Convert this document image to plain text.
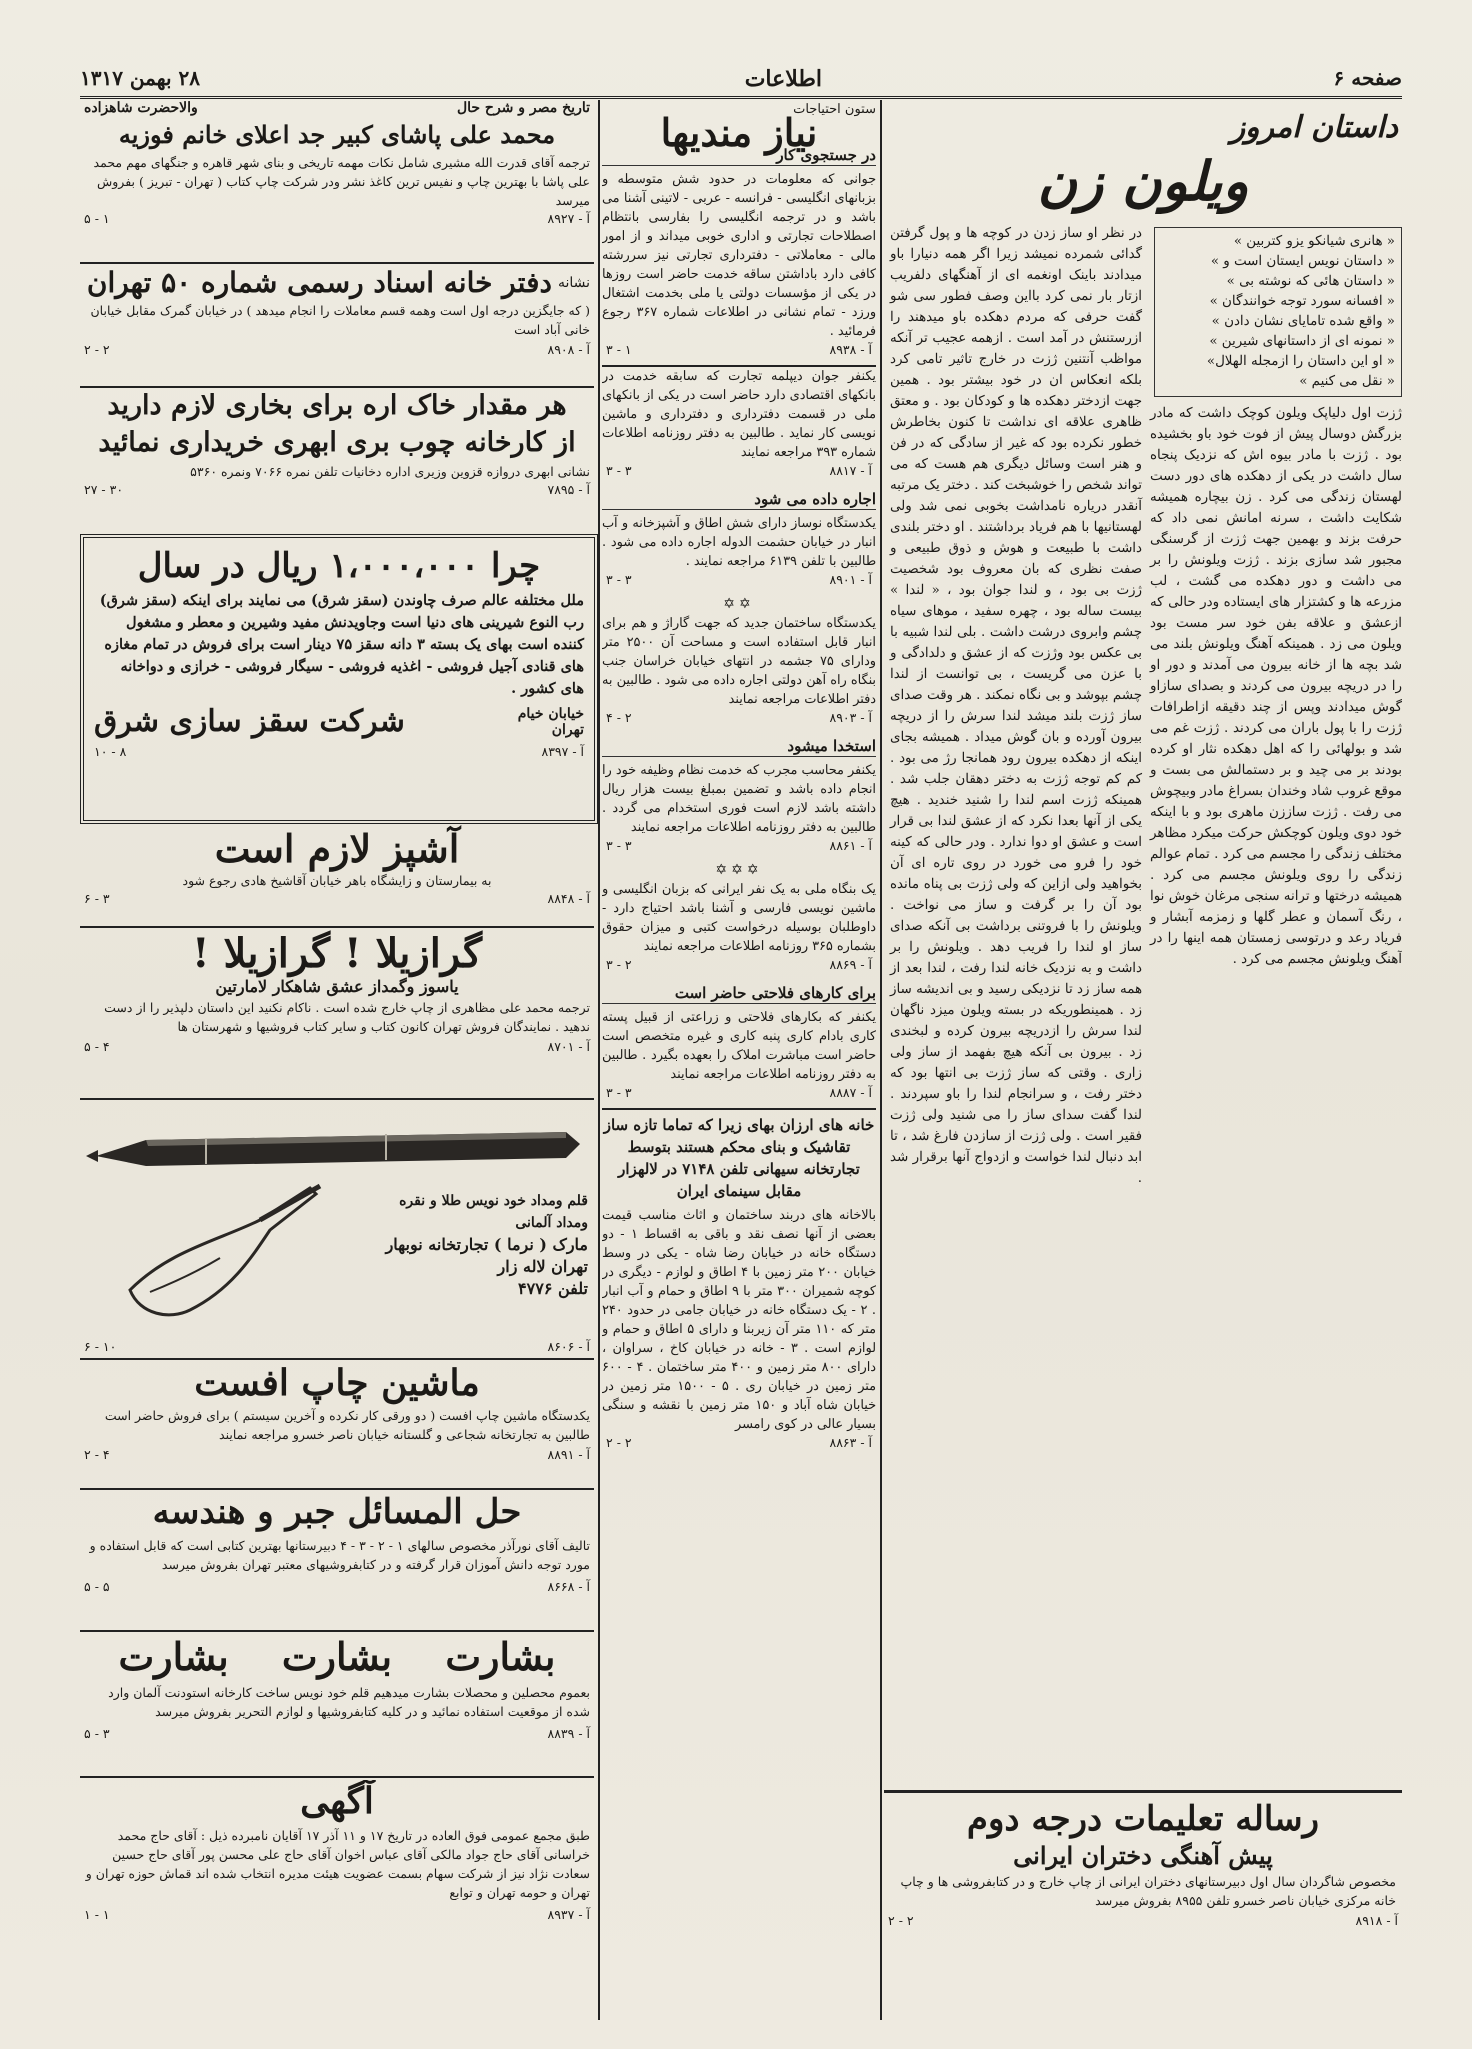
صفحه ۶
اطلاعات
۲۸ بهمن ۱۳۱۷
داستان امروز
ویلون زن
« هانری شیانکو یزو کتربین »
« داستان نویس ایستان است و »
« داستان هائی که نوشته بی »
« افسانه سورد توجه خوانندگان »
« واقع شده تامایای نشان دادن »
« نمونه ای از داستانهای شیرین »
« او این داستان را ازمجله الهلال»
« نقل می کنیم »
ژزت اول دلیاپک ویلون کوچک داشت که مادر بزرگش دوسال پیش از فوت خود باو بخشیده بود . ژزت با مادر بیوه اش که نزدیک پنجاه سال داشت در یکی از دهکده های دور دست لهستان زندگی می کرد . زن بیچاره همیشه شکایت داشت ، سرنه امانش نمی داد که حرفت بزند و بهمین جهت ژزت از گرسنگی مجبور شد سازی بزند . ژزت ویلونش را بر می داشت و دور دهکده می گشت ، لب مزرعه ها و کشتزار های ایستاده ودر حالی که ازعشق و علاقه بفن خود سر مست بود ویلون می زد . همینکه آهنگ ویلونش بلند می شد بچه ها از خانه بیرون می آمدند و دور او را در دریچه بیرون می کردند و بصدای سازاو گوش میدادند وپس از چند دقیقه ازاطرافات ژزت را با پول باران می کردند . ژزت غم می شد و بولهائی را که اهل دهکده نثار او کرده بودند بر می چید و بر دستمالش می بست و موقع غروب شاد وخندان بسراغ مادر وبیچوش می رفت . ژزت ساززن ماهری بود و با اینکه خود دوی ویلون کوچکش حرکت میکرد مظاهر مختلف زندگی را مجسم می کرد . تمام عوالم زندگی را روی ویلونش مجسم می کرد . همیشه درختها و ترانه سنجی مرغان خوش نوا ، رنگ آسمان و عطر گلها و زمزمه آبشار و فریاد رعد و درتوسی زمستان همه اینها را در آهنگ ویلونش مجسم می کرد .
در نظر او ساز زدن در کوچه ها و پول گرفتن گدائی شمرده نمیشد زیرا اگر همه دنیارا باو میدادند باینک اونغمه ای از آهنگهای دلفریب ازتار بار نمی کرد بااین وصف فطور سی شو گفت حرفی که مردم دهکده باو میدهند را ازرستنش در آمد است . ازهمه عجیب تر آنکه مواظب آنتنین ژزت در خارج تاثیر تامی کرد بلکه انعکاس ان در خود بیشتر بود . همین جهت ازدختر دهکده ها و کودکان بود . و معتق ظاهری علاقه ای نداشت تا کنون بخاطرش خطور نکرده بود که غیر از سادگی که در فن و هنر است وسائل دیگری هم هست که می تواند شخص را خوشبخت کند . دختر یک مرتبه آنقدر دریاره نامداشت بخوبی نمی شد ولی لهستانیها با هم فریاد برداشتند . او دختر بلندی داشت با طبیعت و هوش و ذوق طبیعی و صفت نظری که بان معروف بود شخصیت ژزت بی بود ، و لندا جوان بود ، « لندا » بیست ساله بود ، چهره سفید ، موهای سیاه چشم وابروی درشت داشت . بلی لندا شبیه با بی عکس بود وژزت که از عشق و دلدادگی و با عزن می گریست ، بی توانست از لندا چشم بپوشد و بی نگاه نمکند . هر وقت صدای ساز ژزت بلند میشد لندا سرش را از دریچه بیرون آورده و بان گوش میداد . همیشه بجای اینکه از دهکده بیرون رود همانجا رژ می بود . کم کم توجه ژزت به دختر دهقان جلب شد . همینکه ژزت اسم لندا را شنید خندید . هیچ یکی از آنها بعدا نکرد که از عشق لندا بی قرار است و عشق او دوا ندارد . ودر حالی که کینه خود را فرو می خورد در روی تاره ای آن بخواهید ولی ازاین که ولی ژزت بی پناه مانده بود آن را بر گرفت و ساز می نواخت . ویلونش را با فروتنی برداشت بی آنکه صدای ساز او لندا را فریب دهد . ویلونش را بر داشت و به نزدیک خانه لندا رفت ، لندا بعد از همه ساز زد تا نزدیکی رسید و بی اندیشه ساز زد . همینطوریکه در بسته ویلون میزد ناگهان لندا سرش را ازدریچه بیرون کرده و لبخندی زد . بیرون بی آنکه هیچ بفهمد از ساز ولی زاری . وقتی که ساز ژزت بی انتها بود که دختر رفت ، و سرانجام لندا را باو سپردند . لندا گفت سدای ساز را می شنید ولی ژزت فقیر است . ولی ژزت از سازدن فارغ شد ، تا ابد دنبال لندا خواست و ازدواج آنها برقرار شد .
رساله تعلیمات درجه دوم
پیش آهنگی دختران ایرانی
مخصوص شاگردان سال اول دبیرستانهای دختران ایرانی از چاپ خارج و در کتابفروشی ها و چاپ خانه مرکزی خیابان ناصر خسرو تلفن ۸۹۵۵ بفروش میرسد
آ - ۸۹۱۸
۲ - ۲
ستون احتیاجات
نیاز مندیها
در جستجوی کار
جوانی که معلومات در حدود شش متوسطه و بزبانهای انگلیسی - فرانسه - عربی - لاتینی آشنا می باشد و در ترجمه انگلیسی را بفارسی بانتظام اصطلاحات تجارتی و اداری خوبی میداند و از امور مالی - معاملاتی - دفترداری تجارتی نیز سررشته کافی دارد باداشتن ساقه خدمت حاضر است روزها در یکی از مؤسسات دولتی یا ملی بخدمت اشتغال ورزد - تمام نشانی در اطلاعات شماره ۳۶۷ رجوع فرمائید .
آ - ۸۹۳۸
۱ - ۳
یکنفر جوان دیپلمه تجارت که سابقه خدمت در بانکهای اقتصادی دارد حاضر است در یکی از بانکهای ملی در قسمت دفترداری و دفترداری و ماشین نویسی کار نماید . طالبین به دفتر روزنامه اطلاعات شماره ۳۹۳ مراجعه نمایند
آ - ۸۸۱۷
۳ - ۳
اجاره داده می شود
یکدستگاه نوساز دارای شش اطاق و آشپزخانه و آب انبار در خیابان حشمت الدوله اجاره داده می شود . طالبین با تلفن ۶۱۳۹ مراجعه نمایند .
آ - ۸۹۰۱
۳ - ۳
✡✡
یکدستگاه ساختمان جدید که جهت گاراژ و هم برای انبار قابل استفاده است و مساحت آن ۲۵۰۰ متر ودارای ۷۵ جشمه در انتهای خیابان خراسان جنب بنگاه راه آهن دولتی اجاره داده می شود . طالبین به دفتر اطلاعات مراجعه نمایند
آ - ۸۹۰۳
۲ - ۴
استخدا میشود
یکنفر محاسب مجرب که خدمت نظام وظیفه خود را انجام داده باشد و تضمین بمبلغ بیست هزار ریال داشته باشد لازم است فوری استخدام می گردد . طالبین به دفتر روزنامه اطلاعات مراجعه نمایند
آ - ۸۸۶۱
۳ - ۳
✡✡✡
یک بنگاه ملی به یک نفر ایرانی که بزبان انگلیسی و ماشین نویسی فارسی و آشنا باشد احتیاج دارد - داوطلبان بوسیله درخواست کتبی و میزان حقوق بشماره ۳۶۵ روزنامه اطلاعات مراجعه نمایند
آ - ۸۸۶۹
۲ - ۳
برای کارهای فلاحتی حاضر است
یکنفر که بکارهای فلاحتی و زراعتی از قبیل پسته کاری بادام کاری پنبه کاری و غیره متخصص است حاضر است مباشرت املاک را بعهده بگیرد . طالبین به دفتر روزنامه اطلاعات مراجعه نمایند
آ - ۸۸۸۷
۳ - ۳
خانه های ارزان بهای زیرا که تماما تازه ساز تقاشیک و بنای محکم هستند بتوسط تجارتخانه سیهانی تلفن ۷۱۴۸ در لالهزار مقابل سینمای ایران
بالاخانه های دربند ساختمان و اثاث مناسب قیمت بعضی از آنها نصف نقد و باقی به اقساط ۱ - دو دستگاه خانه در خیابان رضا شاه - یکی در وسط خیابان ۲۰۰ متر زمین با ۴ اطاق و لوازم - دیگری در کوچه شمیران ۳۰۰ متر با ۹ اطاق و حمام و آب انبار . ۲ - یک دستگاه خانه در خیابان جامی در حدود ۲۴۰ متر که ۱۱۰ متر آن زیربنا و دارای ۵ اطاق و حمام و لوازم است . ۳ - خانه در خیابان کاخ ، سراوان ، دارای ۸۰۰ متر زمین و ۴۰۰ متر ساختمان . ۴ - ۶۰۰ متر زمین در خیابان ری . ۵ - ۱۵۰۰ متر زمین در خیابان شاه آباد و ۱۵۰ متر زمین با نقشه و سنگی بسیار عالی در کوی رامسر
آ - ۸۸۶۳
۲ - ۲
تاریخ مصر و شرح حال
والاحضرت شاهزاده
محمد علی پاشای کبیر جد اعلای خانم فوزیه
ترجمه آقای قدرت الله مشیری شامل نکات مهمه تاریخی و بنای شهر قاهره و جنگهای مهم محمد علی پاشا با بهترین چاپ و نفیس ترین کاغذ نشر ودر شرکت چاپ کتاب ( تهران - تبریز ) بفروش میرسد
آ - ۸۹۲۷
۱ - ۵
نشانه
دفتر خانه اسناد رسمی شماره ۵۰ تهران
( که جایگزین درجه اول است وهمه قسم معاملات را انجام میدهد ) در خیابان گمرک مقابل خیابان خانی آباد است
آ - ۸۹۰۸
۲ - ۲
هر مقدار خاک اره برای بخاری لازم دارید
از کارخانه چوب بری ابهری خریداری نمائید
نشانی ابهری دروازه قزوین وزیری اداره دخانیات تلفن نمره ۷۰۶۶ ونمره ۵۳۶۰
آ - ۷۸۹۵
۳۰ - ۲۷
چرا ۱،۰۰۰،۰۰۰ ریال در سال
ملل مختلفه عالم صرف چاوندن (سقز شرق) می نمایند برای اینکه (سقز شرق) رب النوع شیرینی های دنیا است وجاویدنش مفید وشیرین و معطر و مشغول کننده است بهای یک بسته ۳ دانه سقز ۷۵ دینار است برای فروش در تمام مغازه های قنادی آجیل فروشی - اغذیه فروشی - سیگار فروشی - خرازی و دواخانه های کشور .
خیابان خیام تهران
شرکت سقز سازی شرق
آ - ۸۳۹۷
۸ - ۱۰
آشپز لازم است
به بیمارستان و زایشگاه باهر خیابان آقاشیخ هادی رجوع شود
آ - ۸۸۴۸
۳ - ۶
گرازیلا ! گرازیلا !
یاسوز وگمداز عشق شاهکار لامارتین
ترجمه محمد علی مظاهری از چاپ خارج شده است . ناکام نکنید این داستان دلپذیر را از دست ندهید . نمایندگان فروش تهران کانون کتاب و سایر کتاب فروشیها و شهرستان ها
آ - ۸۷۰۱
۴ - ۵
قلم ومداد خود نویس طلا و نقره
ومداد آلمانی
مارک ( نرما ) تجارتخانه نوبهار
تهران لاله زار
تلفن ۴۷۷۶
آ - ۸۶۰۶
۱۰ - ۶
ماشین چاپ افست
یکدستگاه ماشین چاپ افست ( دو ورقی کار نکرده و آخرین سیستم ) برای فروش حاضر است طالبین به تجارتخانه شجاعی و گلستانه خیابان ناصر خسرو مراجعه نمایند
آ - ۸۸۹۱
۴ - ۲
حل المسائل جبر و هندسه
تالیف آقای نورآذر مخصوص سالهای ۱ - ۲ - ۳ - ۴ دبیرستانها بهترین کتابی است که قابل استفاده و مورد توجه دانش آموزان قرار گرفته و در کتابفروشیهای معتبر تهران بفروش میرسد
آ - ۸۶۶۸
۵ - ۵
بشارت بشارت بشارت
بعموم محصلین و محصلات بشارت میدهیم قلم خود نویس ساخت کارخانه استودنت آلمان وارد شده از موقعیت استفاده نمائید و در کلیه کتابفروشیها و لوازم التحریر بفروش میرسد
آ - ۸۸۳۹
۳ - ۵
آگهی
طبق مجمع عمومی فوق العاده در تاریخ ۱۷ و ۱۱ آذر ۱۷ آقایان نامبرده ذیل : آقای حاج محمد خراسانی آقای حاج جواد مالکی آقای عباس اخوان آقای حاج علی محسن پور آقای حاج حسین سعادت نژاد نیز از شرکت سهام بسمت عضویت هیئت مدیره انتخاب شده اند قماش حوزه تهران و تهران و حومه تهران و توابع
آ - ۸۹۳۷
۱ - ۱
